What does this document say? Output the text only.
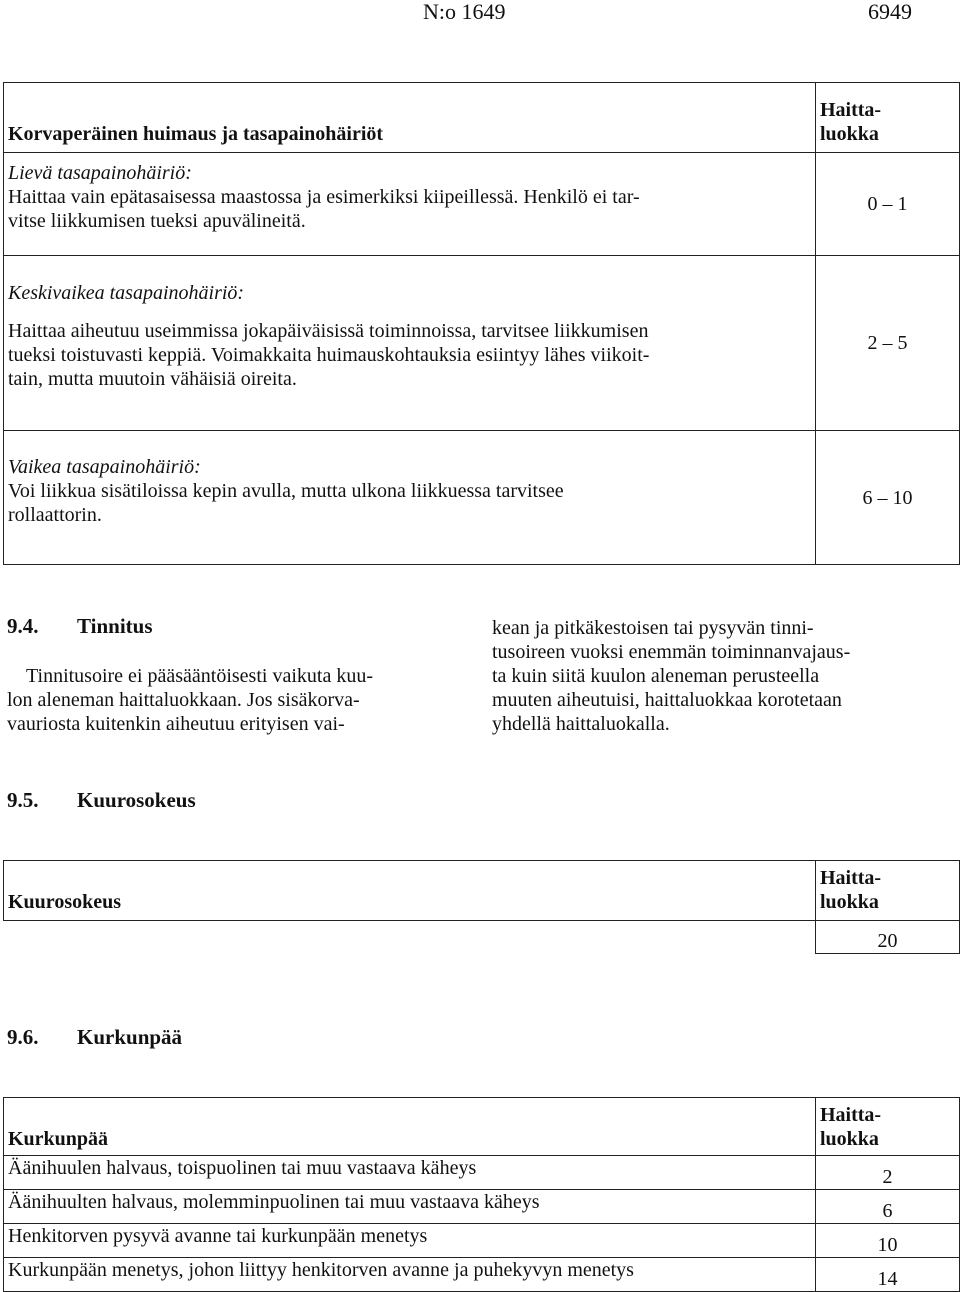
N:o 1649	6949
Korvaperäinen huimaus ja tasapainohäiriöt	Haitta-
luokka

Lievä tasapainohäiriö:
Haittaa vain epätasaisessa maastossa ja esimerkiksi kiipeillessä. Henkilö ei tar-
vitse liikkumisen tueksi apuvälineitä.	0 – 1

Keskivaikea tasapainohäiriö:
Haittaa aiheutuu useimmissa jokapäiväisissä toiminnoissa, tarvitsee liikkumisen
tueksi toistuvasti keppiä. Voimakkaita huimauskohtauksia esiintyy lähes viikoit-
tain, mutta muutoin vähäisiä oireita.	2 – 5

Vaikea tasapainohäiriö:
Voi liikkua sisätiloissa kepin avulla, mutta ulkona liikkuessa tarvitsee
rollaattorin.	6 – 10
9.4. Tinnitus
Tinnitusoire ei pääsääntöisesti vaikuta kuu-
lon aleneman haittaluokkaan. Jos sisäkorva-
vauriosta kuitenkin aiheutuu erityisen vai-
kean ja pitkäkestoisen tai pysyvän tinni-
tusoireen vuoksi enemmän toiminnanvajaus-
ta kuin siitä kuulon aleneman perusteella
muuten aiheutuisi, haittaluokkaa korotetaan
yhdellä haittaluokalla.
9.5. Kuurosokeus
Kuurosokeus	Haitta-
luokka

	20
9.6. Kurkunpää
Kurkunpää	Haitta-
luokka

Äänihuulen halvaus, toispuolinen tai muu vastaava käheys	2
Äänihuulten halvaus, molemminpuolinen tai muu vastaava käheys	6
Henkitorven pysyvä avanne tai kurkunpään menetys	10
Kurkunpään menetys, johon liittyy henkitorven avanne ja puhekyvyn menetys	14
